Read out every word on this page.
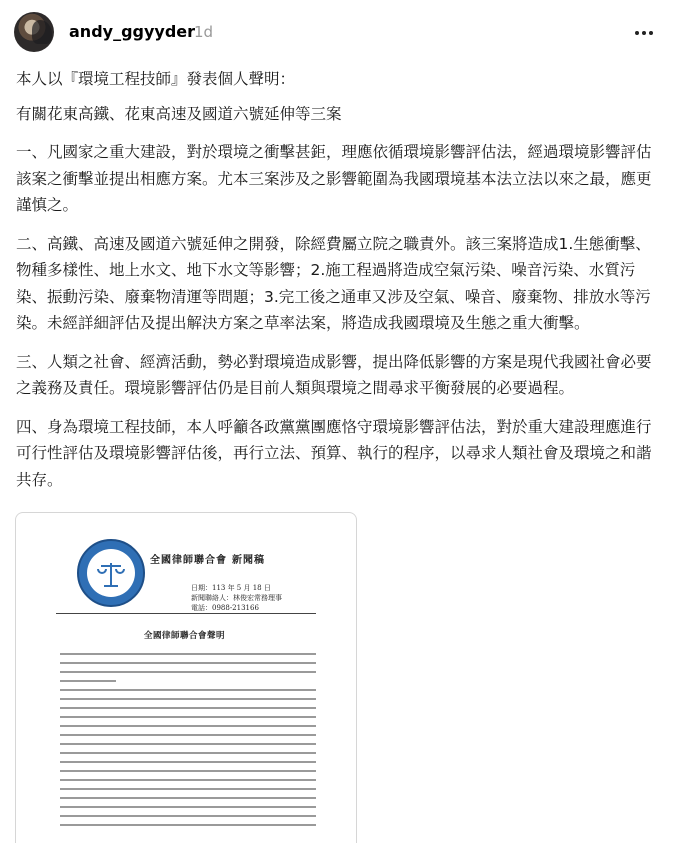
andy_ggyyder
1d

本人以『環境工程技師』發表個人聲明：

有關花東高鐵、花東高速及國道六號延伸等三案

一、凡國家之重大建設，對於環境之衝擊甚鉅，理應依循環境影響評估法，經過環境影響評估該案之衝擊並提出相應方案。尤本三案涉及之影響範圍為我國環境基本法立法以來之最，應更謹慎之。

二、高鐵、高速及國道六號延伸之開發，除經費屬立院之職責外。該三案將造成1.生態衝擊、物種多樣性、地上水文、地下水文等影響；2.施工程過將造成空氣污染、噪音污染、水質污染、振動污染、廢棄物清運等問題；3.完工後之通車又涉及空氣、噪音、廢棄物、排放水等污染。未經詳細評估及提出解決方案之草率法案，將造成我國環境及生態之重大衝擊。

三、人類之社會、經濟活動，勢必對環境造成影響，提出降低影響的方案是現代我國社會必要之義務及責任。環境影響評估仍是目前人類與環境之間尋求平衡發展的必要過程。

四、身為環境工程技師，本人呼籲各政黨黨團應恪守環境影響評估法，對於重大建設理應進行可行性評估及環境影響評估後，再行立法、預算、執行的程序，以尋求人類社會及環境之和諧共存。

全國律師聯合會 新聞稿
日期：113 年 5 月 18 日
新聞聯絡人：林俊宏常務理事
電話：0988-213166
全國律師聯合會聲明
